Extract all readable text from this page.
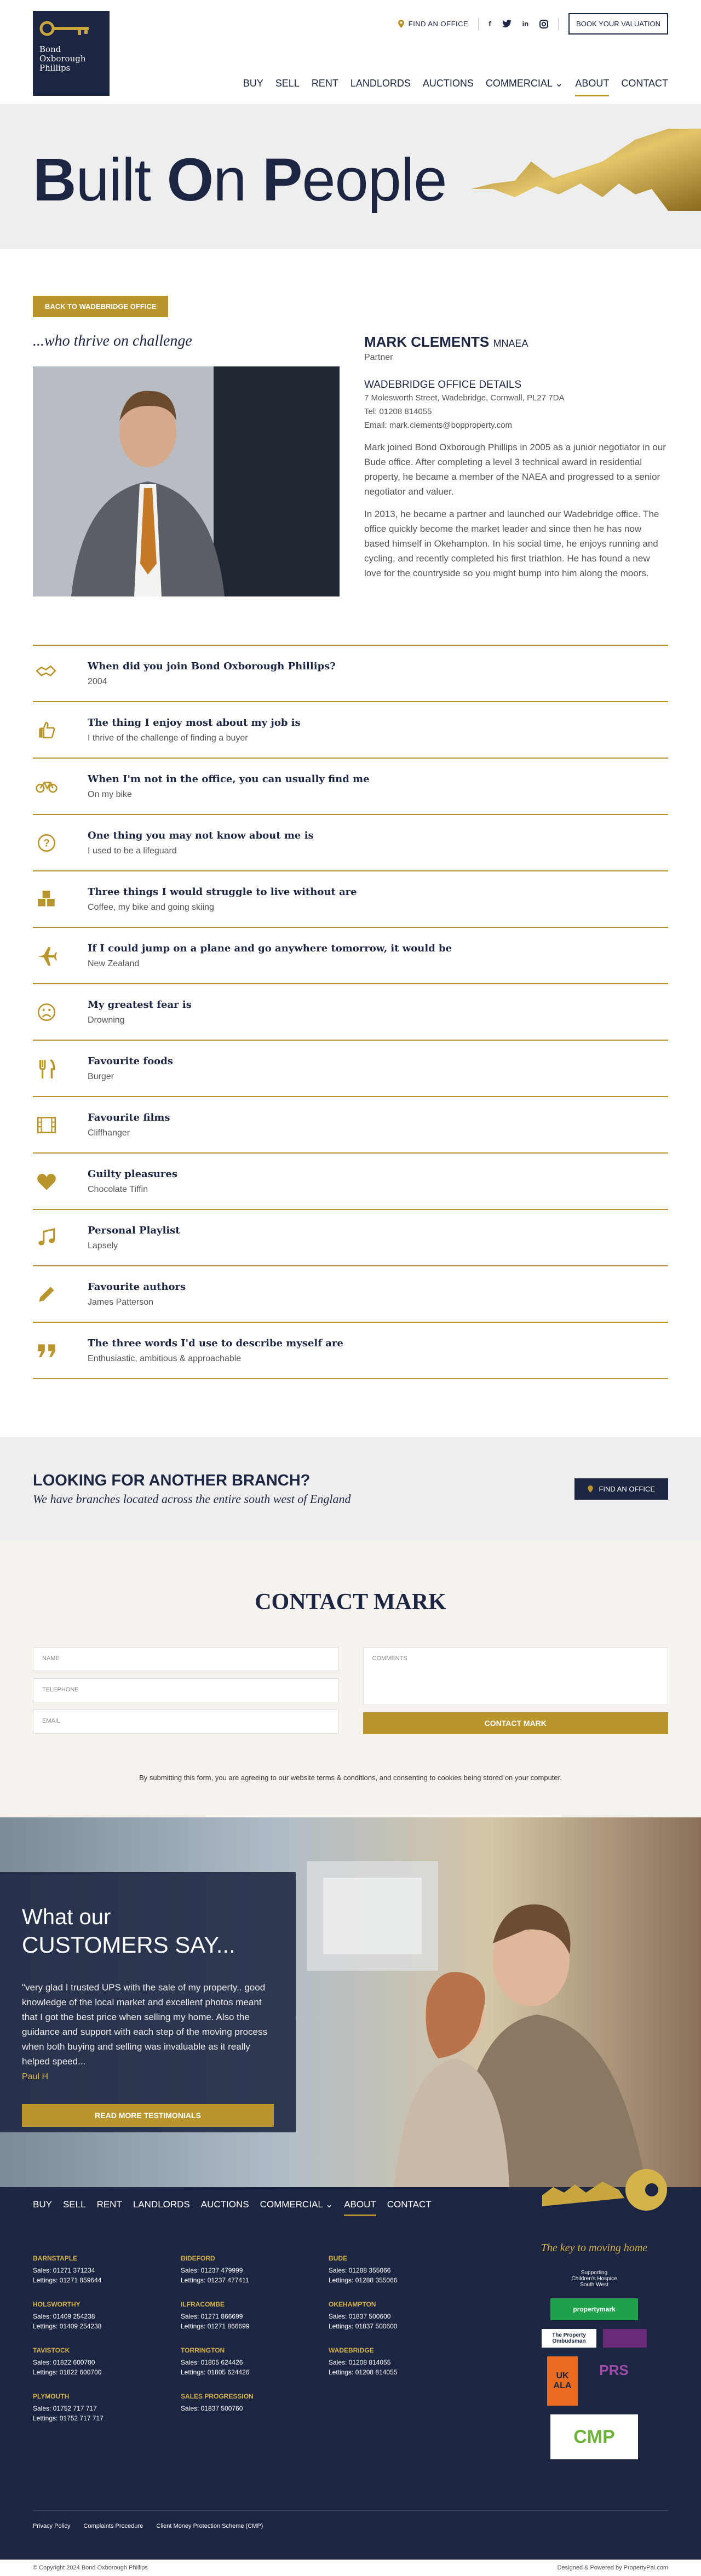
Bond
Oxborough
Phillips
FIND AN OFFICE	f	in	BOOK YOUR VALUATION
BUY SELL RENT LANDLORDS AUCTIONS COMMERCIAL ⌄ ABOUT CONTACT
Built On People
BACK TO WADEBRIDGE OFFICE
...who thrive on challenge	MARK CLEMENTS MNAEA
Partner
WADEBRIDGE OFFICE DETAILS

7 Molesworth Street, Wadebridge, Cornwall, PL27 7DA

Tel: 01208 814055

Email: mark.clements@bopproperty.com

Mark joined Bond Oxborough Phillips in 2005 as a junior negotiator in our Bude office. After completing a level 3 technical award in residential property, he became a member of the NAEA and progressed to a senior negotiator and valuer.

In 2013, he became a partner and launched our Wadebridge office. The office quickly become the market leader and since then he has now based himself in Okehampton. In his social time, he enjoys running and cycling, and recently completed his first triathlon. He has found a new love for the countryside so you might bump into him along the moors.

When did you join Bond Oxborough Phillips?
2004
The thing I enjoy most about my job is
I thrive of the challenge of finding a buyer
When I'm not in the office, you can usually find me
On my bike
?
One thing you may not know about me is
I used to be a lifeguard
Three things I would struggle to live without are
Coffee, my bike and going skiing
If I could jump on a plane and go anywhere tomorrow, it would be
New Zealand
My greatest fear is
Drowning
Favourite foods
Burger
Favourite films
Cliffhanger
Guilty pleasures
Chocolate Tiffin
Personal Playlist
Lapsely
Favourite authors
James Patterson
The three words I'd use to describe myself are
Enthusiastic, ambitious & approachable
LOOKING FOR ANOTHER BRANCH?

We have branches located across the entire south west of England

FIND AN OFFICE
CONTACT MARK
NAME
TELEPHONE
EMAIL
COMMENTS
CONTACT MARK
By submitting this form, you are agreeing to our website terms & conditions, and consenting to cookies being stored on your computer.
What our
CUSTOMERS SAY...
"very glad I trusted UPS with the sale of my property.. good knowledge of the local market and excellent photos meant that I got the best price when selling my home. Also the guidance and support with each step of the moving process when both buying and selling was invaluable as it really helped speed...
Paul H
READ MORE TESTIMONIALS
BUY SELL RENT LANDLORDS AUCTIONS COMMERCIAL ⌄ ABOUT CONTACT
BARNSTAPLE

Sales: 01271 371234

Lettings: 01271 859644

BIDEFORD

Sales: 01237 479999

Lettings: 01237 477411

BUDE

Sales: 01288 355066

Lettings: 01288 355066

HOLSWORTHY

Sales: 01409 254238

Lettings: 01409 254238

ILFRACOMBE

Sales: 01271 866699

Lettings: 01271 866699

OKEHAMPTON

Sales: 01837 500600

Lettings: 01837 500600

TAVISTOCK

Sales: 01822 600700

Lettings: 01822 600700

TORRINGTON

Sales: 01805 624426

Lettings: 01805 624426

WADEBRIDGE

Sales: 01208 814055

Lettings: 01208 814055

PLYMOUTH

Sales: 01752 717 717

Lettings: 01752 717 717

SALES PROGRESSION

Sales: 01837 500760

The key to moving home
Supporting Children's Hospice South West
propertymark
The Property Ombudsman
UK ALA
PRS
CMP
Privacy Policy Complaints Procedure Client Money Protection Scheme (CMP)
© Copyright 2024 Bond Oxborough Phillips	Designed & Powered by PropertyPal.com
